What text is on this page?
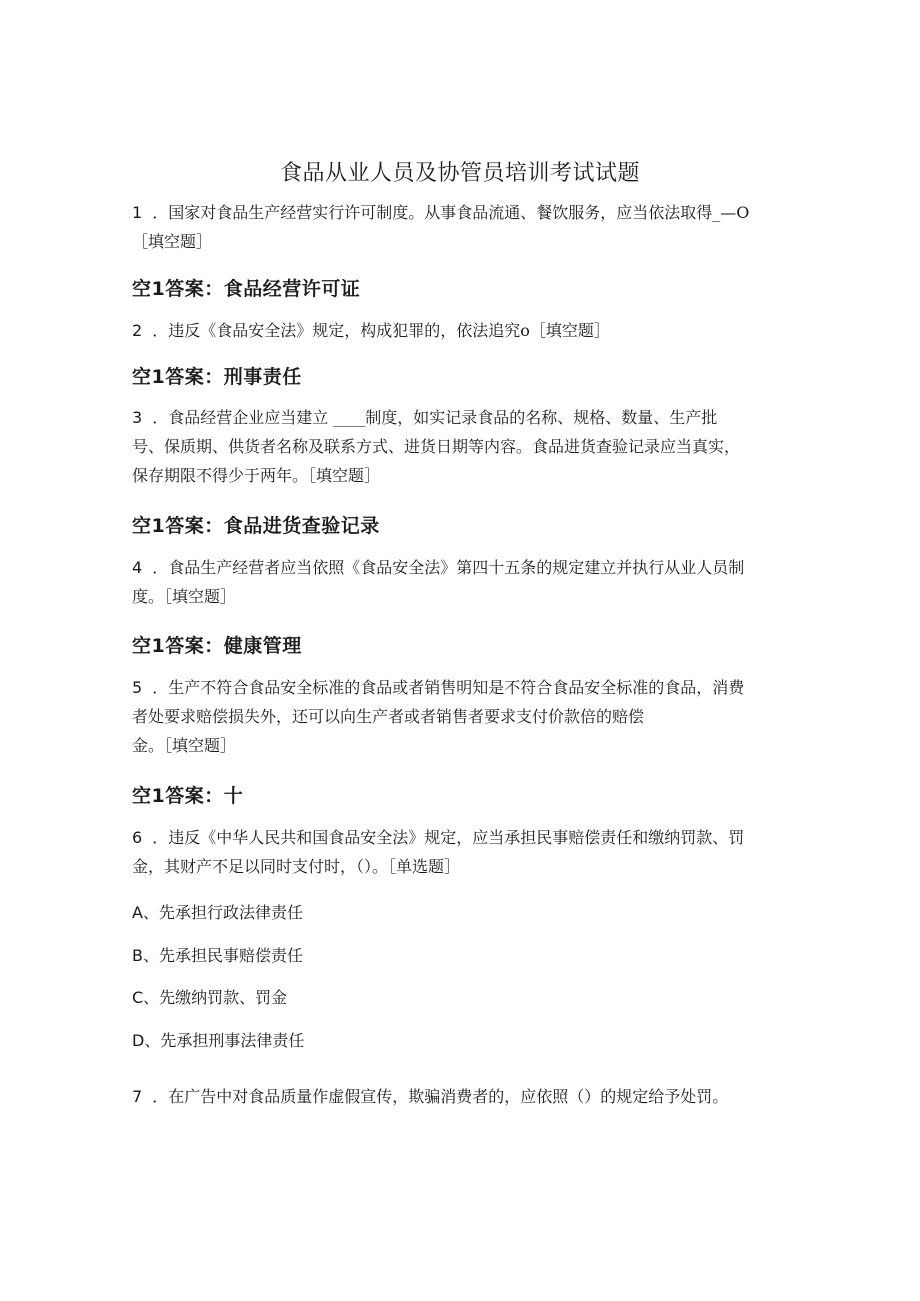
食品从业人员及协管员培训考试试题
1 ．国家对食品生产经营实行许可制度。从事食品流通、餐饮服务，应当依法取得_—O
［填空题］
空1答案：食品经营许可证
2 ．违反《食品安全法》规定，构成犯罪的，依法追究o［填空题］
空1答案：刑事责任
3 ．食品经营企业应当建立 ____制度，如实记录食品的名称、规格、数量、生产批
号、保质期、供货者名称及联系方式、进货日期等内容。食品进货查验记录应当真实，
保存期限不得少于两年。［填空题］
空1答案：食品进货查验记录
4 ．食品生产经营者应当依照《食品安全法》第四十五条的规定建立并执行从业人员制
度。［填空题］
空1答案：健康管理
5 ．生产不符合食品安全标准的食品或者销售明知是不符合食品安全标准的食品，消费
者处要求赔偿损失外，还可以向生产者或者销售者要求支付价款倍的赔偿
金。［填空题］
空1答案：十
6 ．违反《中华人民共和国食品安全法》规定，应当承担民事赔偿责任和缴纳罚款、罚
金，其财产不足以同时支付时，（）。［单选题］
A、先承担行政法律责任
B、先承担民事赔偿责任
C、先缴纳罚款、罚金
D、先承担刑事法律责任
7 ．在广告中对食品质量作虚假宣传，欺骗消费者的，应依照（）的规定给予处罚。
